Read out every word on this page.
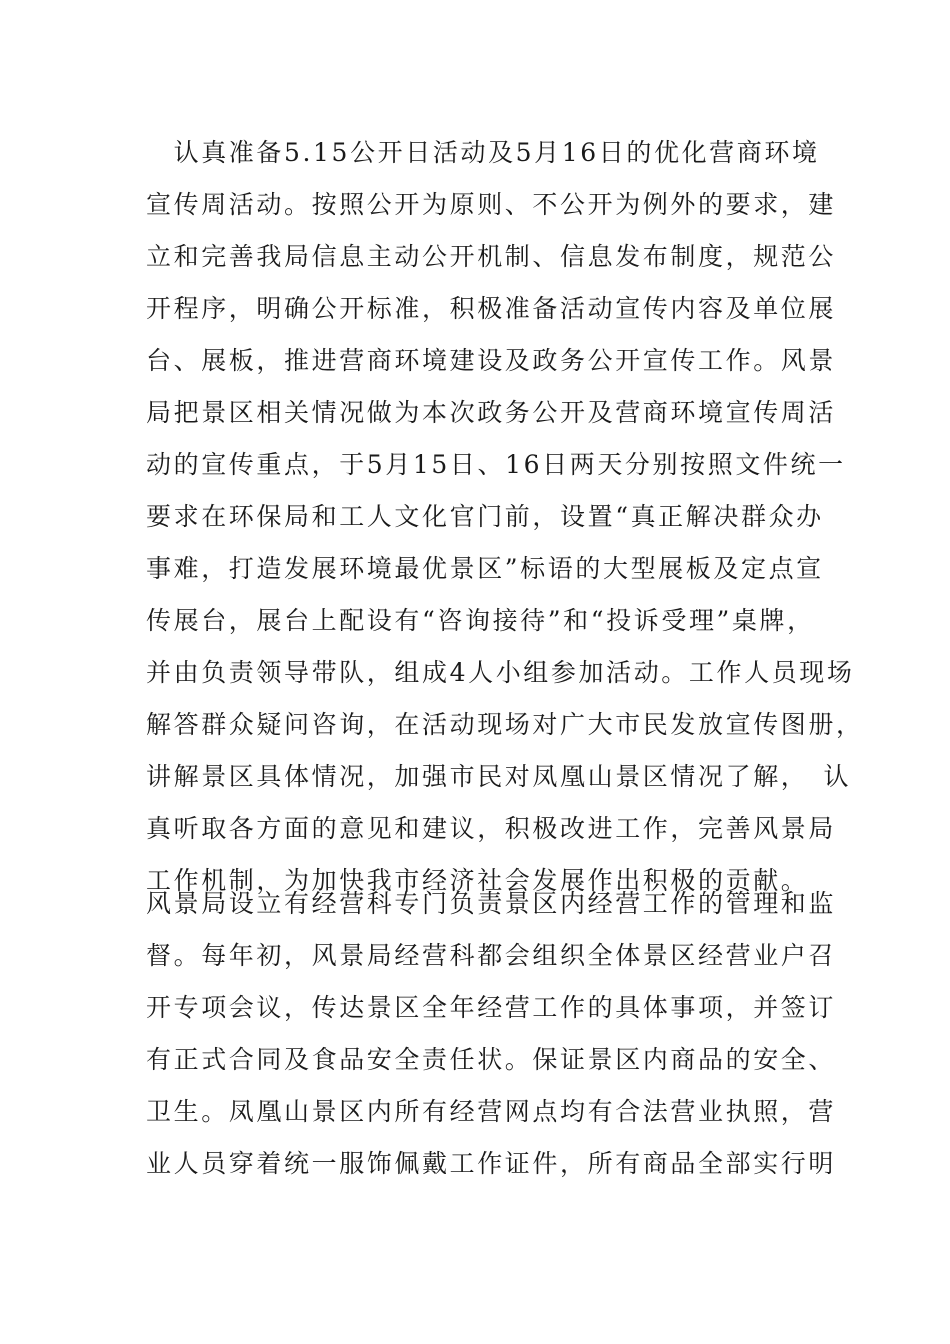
　认真准备5.15公开日活动及5月16日的优化营商环境
宣传周活动。按照公开为原则、不公开为例外的要求，建
立和完善我局信息主动公开机制、信息发布制度，规范公
开程序，明确公开标准，积极准备活动宣传内容及单位展
台、展板，推进营商环境建设及政务公开宣传工作。风景
局把景区相关情况做为本次政务公开及营商环境宣传周活
动的宣传重点，于5月15日、16日两天分别按照文件统一
要求在环保局和工人文化官门前，设置“真正解决群众办
事难，打造发展环境最优景区”标语的大型展板及定点宣
传展台，展台上配设有“咨询接待”和“投诉受理”桌牌，
并由负责领导带队，组成4人小组参加活动。工作人员现场
解答群众疑问咨询，在活动现场对广大市民发放宣传图册，
讲解景区具体情况，加强市民对凤凰山景区情况了解，　认
真听取各方面的意见和建议，积极改进工作，完善风景局
工作机制，为加快我市经济社会发展作出积极的贡献。
风景局设立有经营科专门负责景区内经营工作的管理和监
督。每年初，风景局经营科都会组织全体景区经营业户召
开专项会议，传达景区全年经营工作的具体事项，并签订
有正式合同及食品安全责任状。保证景区内商品的安全、
卫生。凤凰山景区内所有经营网点均有合法营业执照，营
业人员穿着统一服饰佩戴工作证件，所有商品全部实行明
